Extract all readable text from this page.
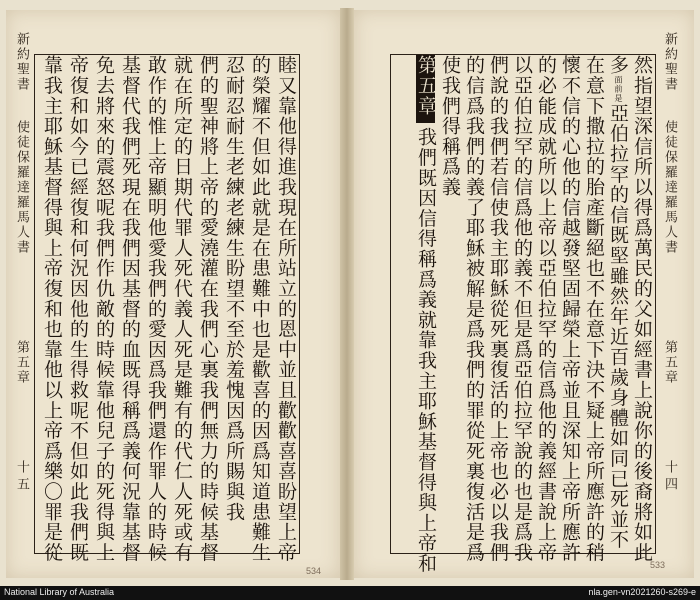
新約聖書
使徒保羅達羅馬人書
第五章
十四
然指望深信所以得爲萬民的父如經書上說你的後裔將如此
多面前是亞伯拉罕的信既堅雖然年近百歲身體如同已死並不
在意下撒拉的胎產斷絕也不在意下決不疑上帝所應許的稍
懷不信的心他的信越發堅固歸榮上帝並且深知上帝所應許
的必能成就所以上帝以亞伯拉罕的信爲他的義經書說上帝
以亞伯拉罕的信爲他的義不但是爲亞伯拉罕說的也是爲我
們說的我們若信使我主耶穌從死裏復活的上帝也必以我們
的信爲我們的義了耶穌被解是爲我們的罪從死裏復活是爲
使我們得稱爲義
第五章
我們既因信得稱爲義就靠我主耶穌基督得與上帝和	533
新約聖書
使徒保羅達羅馬人書
第五章
十五	睦又靠他得進我現在所站立的恩中並且歡歡喜喜盼望上帝
的榮耀不但如此就是在患難中也是歡喜的因爲知道患難生
忍耐忍耐生老練老練生盼望不至於羞愧因爲所賜與我
們的聖神將上帝的愛澆灌在我們心裏我們無力的時候基督
就在所定的日期代罪人死代義人死是難有的代仁人死或有
敢作的惟上帝顯明他愛我們的愛因爲我們還作罪人的時候
基督代我們死現在我們因基督的血既得稱爲義何況靠基督
免去將來的震怒呢我們作仇敵的時候靠他兒子的死得與上
帝復和如今已經復和何況因他的生得救呢不但如此我們既
靠我主耶穌基督得與上帝復和也靠他以上帝爲樂〇罪是從
534
National Library of Australia	nla.gen-vn2021260-s269-e
